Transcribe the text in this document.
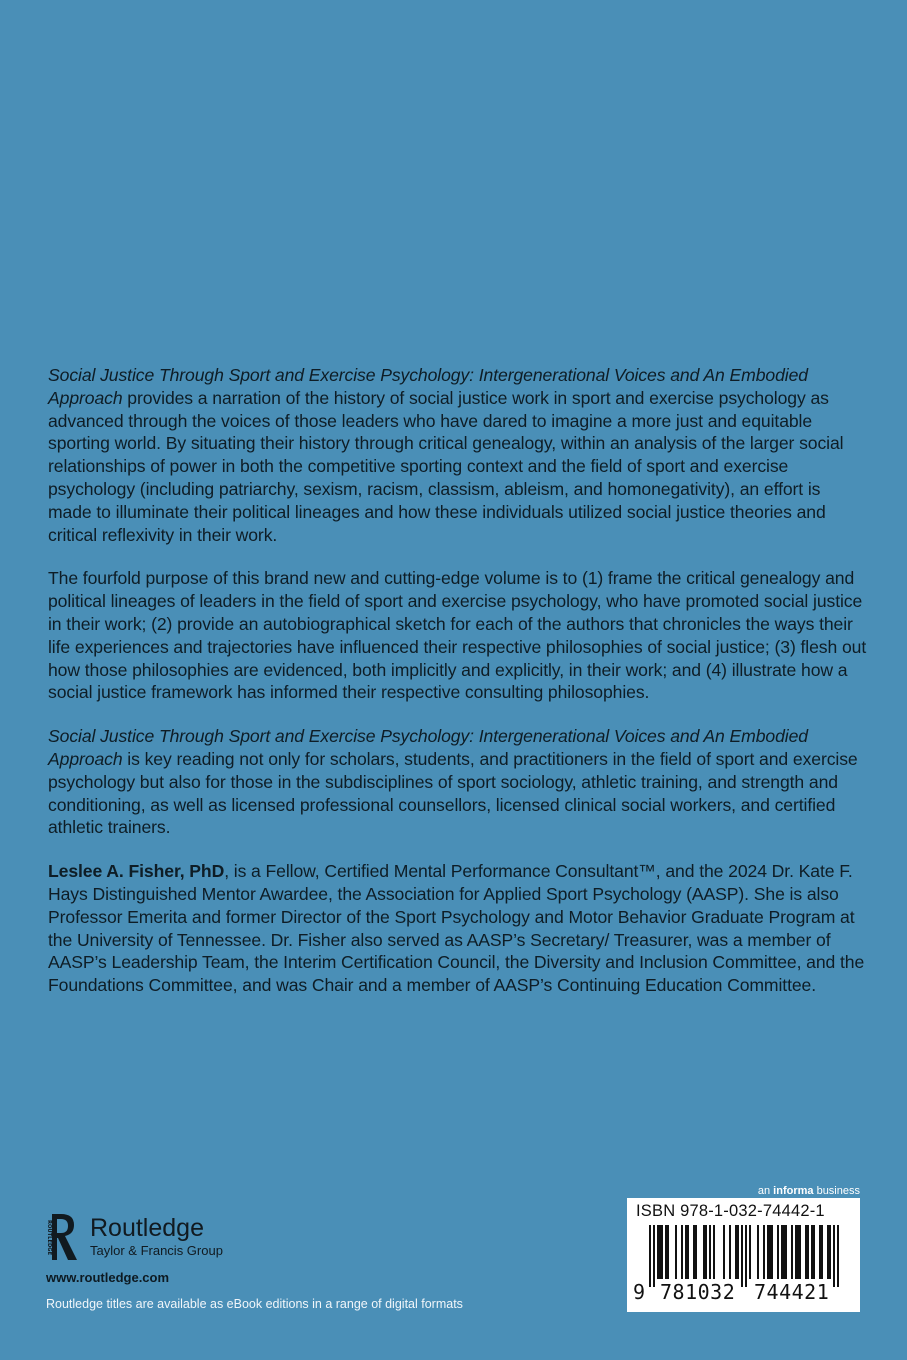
Social Justice Through Sport and Exercise Psychology: Intergenerational Voices and An Embodied Approach provides a narration of the history of social justice work in sport and exercise psychology as advanced through the voices of those leaders who have dared to imagine a more just and equitable sporting world. By situating their history through critical genealogy, within an analysis of the larger social relationships of power in both the competitive sporting context and the field of sport and exercise psychology (including patriarchy, sexism, racism, classism, ableism, and homonegativity), an effort is made to illuminate their political lineages and how these individuals utilized social justice theories and critical reflexivity in their work.

The fourfold purpose of this brand new and cutting-edge volume is to (1) frame the critical genealogy and political lineages of leaders in the field of sport and exercise psychology, who have promoted social justice in their work; (2) provide an autobiographical sketch for each of the authors that chronicles the ways their life experiences and trajectories have influenced their respective philosophies of social justice; (3) flesh out how those philosophies are evidenced, both implicitly and explicitly, in their work; and (4) illustrate how a social justice framework has informed their respective consulting philosophies.

Social Justice Through Sport and Exercise Psychology: Intergenerational Voices and An Embodied Approach is key reading not only for scholars, students, and practitioners in the field of sport and exercise psychology but also for those in the subdisciplines of sport sociology, athletic training, and strength and conditioning, as well as licensed professional counsellors, licensed clinical social workers, and certified athletic trainers.

Leslee A. Fisher, PhD, is a Fellow, Certified Mental Performance Consultant™, and the 2024 Dr. Kate F. Hays Distinguished Mentor Awardee, the Association for Applied Sport Psychology (AASP). She is also Professor Emerita and former Director of the Sport Psychology and Motor Behavior Graduate Program at the University of Tennessee. Dr. Fisher also served as AASP’s Secretary/ Treasurer, was a member of AASP’s Leadership Team, the Interim Certification Council, the Diversity and Inclusion Committee, and the Foundations Committee, and was Chair and a member of AASP’s Continuing Education Committee.

ROUTLEDGE Routledge
Taylor & Francis Group
www.routledge.com
Routledge titles are available as eBook editions in a range of digital formats
an informa business
ISBN 978-1-032-74442-1
9 781032 744421
